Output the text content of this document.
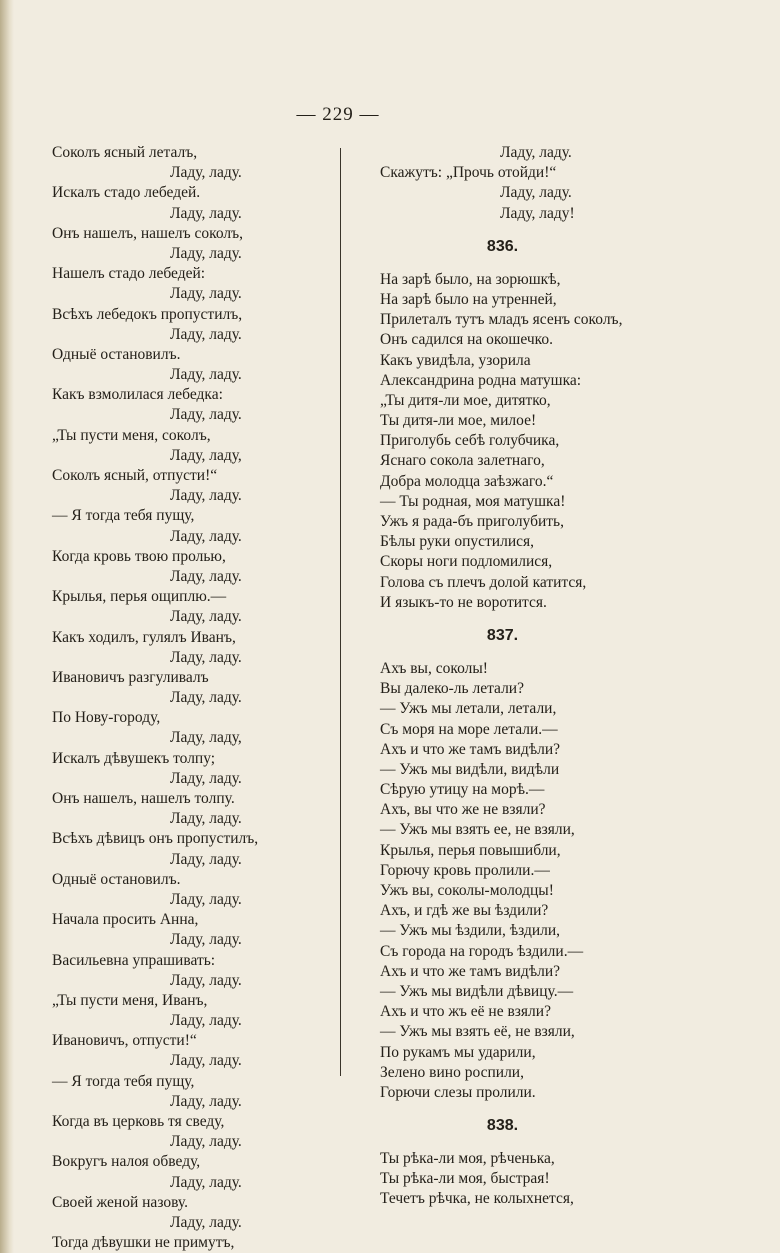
— 229 —
Соколъ ясный леталъ,
Ладу, ладу.
Искалъ стадо лебедей.
Ладу, ладу.
Онъ нашелъ, нашелъ соколъ,
Ладу, ладу.
Нашелъ стадо лебедей:
Ладу, ладу.
Всѣхъ лебедокъ пропустилъ,
Ладу, ладу.
Одныё остановилъ.
Ладу, ладу.
Какъ взмолилася лебедка:
Ладу, ладу.
„Ты пусти меня, соколъ,
Ладу, ладу,
Соколъ ясный, отпусти!“
Ладу, ладу.
— Я тогда тебя пущу,
Ладу, ладу.
Когда кровь твою пролью,
Ладу, ладу.
Крылья, перья ощиплю.—
Ладу, ладу.
Какъ ходилъ, гулялъ Иванъ,
Ладу, ладу.
Ивановичъ разгуливалъ
Ладу, ладу.
По Нову-городу,
Ладу, ладу,
Искалъ дѣвушекъ толпу;
Ладу, ладу.
Онъ нашелъ, нашелъ толпу.
Ладу, ладу.
Всѣхъ дѣвицъ онъ пропустилъ,
Ладу, ладу.
Одныё остановилъ.
Ладу, ладу.
Начала просить Анна,
Ладу, ладу.
Васильевна упрашивать:
Ладу, ладу.
„Ты пусти меня, Иванъ,
Ладу, ладу.
Ивановичъ, отпусти!“
Ладу, ладу.
— Я тогда тебя пущу,
Ладу, ладу.
Когда въ церковь тя сведу,
Ладу, ладу.
Вокругъ налоя обведу,
Ладу, ладу.
Своей женой назову.
Ладу, ладу.
Тогда дѣвушки не примутъ,
Ладу, ладу.
Скажутъ: „Прочь отойди!“
Ладу, ладу.
Ладу, ладу!
836.
На зарѣ было, на зорюшкѣ,
На зарѣ было на утренней,
Прилеталъ тутъ младъ ясенъ соколъ,
Онъ садился на окошечко.
Какъ увидѣла, узорила
Александрина родна матушка:
„Ты дитя-ли мое, дитятко,
Ты дитя-ли мое, милое!
Приголубь себѣ голубчика,
Яснаго сокола залетнаго,
Добра молодца заѣзжаго.“
— Ты родная, моя матушка!
Ужъ я рада-бъ приголубить,
Бѣлы руки опустилися,
Скоры ноги подломилися,
Голова съ плечъ долой катится,
И языкъ-то не воротится.
837.
Ахъ вы, соколы!
Вы далеко-ль летали?
— Ужъ мы летали, летали,
Съ моря на море летали.—
Ахъ и что же тамъ видѣли?
— Ужъ мы видѣли, видѣли
Сѣрую утицу на морѣ.—
Ахъ, вы что же не взяли?
— Ужъ мы взять ее, не взяли,
Крылья, перья повышибли,
Горючу кровь пролили.—
Ужъ вы, соколы-молодцы!
Ахъ, и гдѣ же вы ѣздили?
— Ужъ мы ѣздили, ѣздили,
Съ города на городъ ѣздили.—
Ахъ и что же тамъ видѣли?
— Ужъ мы видѣли дѣвицу.—
Ахъ и что жъ её не взяли?
— Ужъ мы взять её, не взяли,
По рукамъ мы ударили,
Зелено вино роспили,
Горючи слезы пролили.
838.
Ты рѣка-ли моя, рѣченька,
Ты рѣка-ли моя, быстрая!
Течетъ рѣчка, не колыхнется,
